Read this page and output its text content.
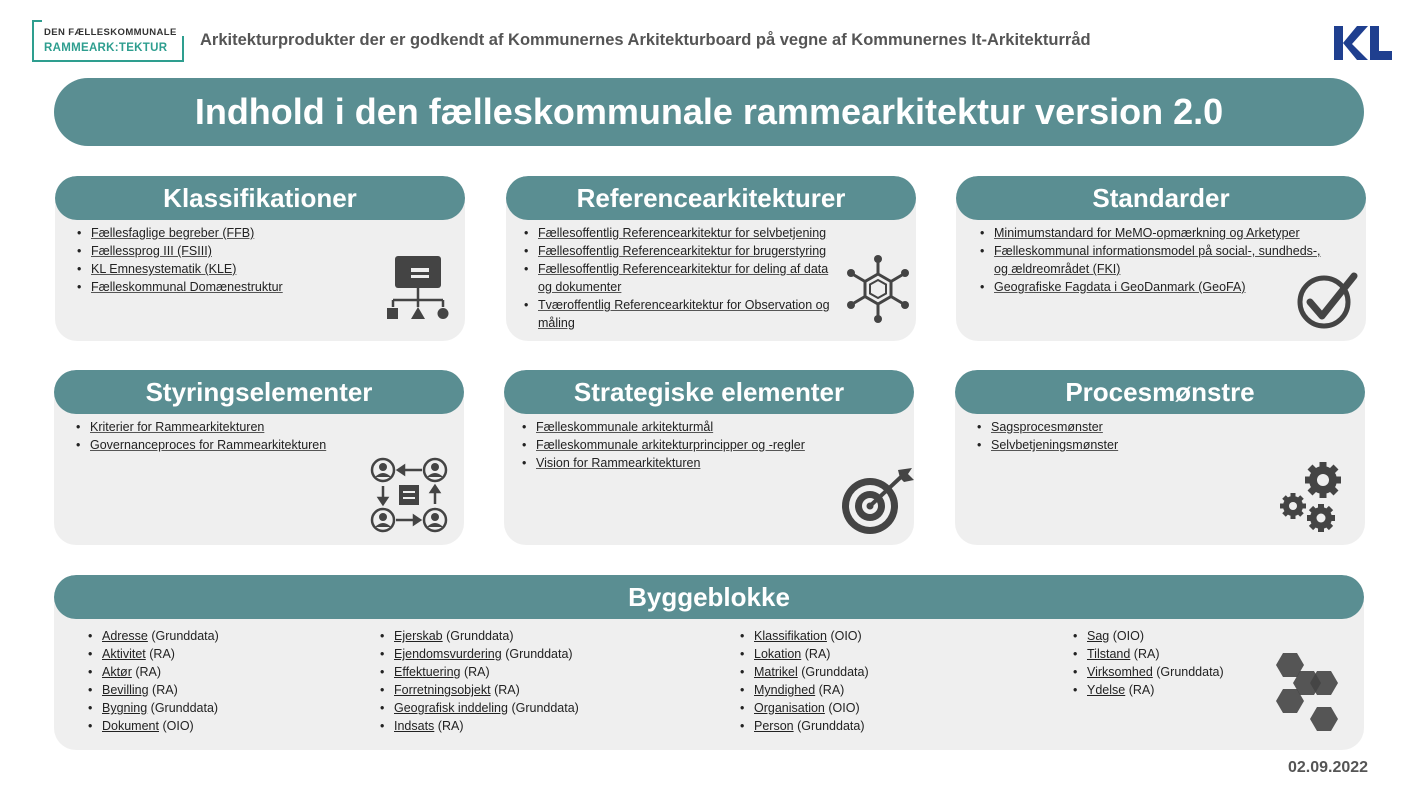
DEN FÆLLESKOMMUNALE
RAMMEARK:TEKTUR Arkitekturprodukter der er godkendt af Kommunernes Arkitekturboard på vegne af Kommunernes It-Arkitekturråd
Indhold i den fælleskommunale rammearkitektur version 2.0
Klassifikationer
• Fællesfaglige begreber (FFB)
• Fællessprog III (FSIII)
• KL Emnesystematik (KLE)
• Fælleskommunal Domænestruktur
Referencearkitekturer
• Fællesoffentlig Referencearkitektur for selvbetjening
• Fællesoffentlig Referencearkitektur for brugerstyring
• Fællesoffentlig Referencearkitektur for deling af data og dokumenter
• Tværoffentlig Referencearkitektur for Observation og måling
Standarder
• Minimumstandard for MeMO-opmærkning og Arketyper
• Fælleskommunal informationsmodel på social-, sundheds-, og ældreområdet (FKI)
• Geografiske Fagdata i GeoDanmark (GeoFA)
Styringselementer
• Kriterier for Rammearkitekturen
• Governanceproces for Rammearkitekturen
Strategiske elementer
• Fælleskommunale arkitekturmål
• Fælleskommunale arkitekturprincipper og -regler
• Vision for Rammearkitekturen
Procesmønstre
• Sagsprocesmønster
• Selvbetjeningsmønster
Byggeblokke
• Adresse (Grunddata)
• Aktivitet (RA)
• Aktør (RA)
• Bevilling (RA)
• Bygning (Grunddata)
• Dokument (OIO)
• Ejerskab (Grunddata)
• Ejendomsvurdering (Grunddata)
• Effektuering (RA)
• Forretningsobjekt (RA)
• Geografisk inddeling (Grunddata)
• Indsats (RA)
• Klassifikation (OIO)
• Lokation (RA)
• Matrikel (Grunddata)
• Myndighed (RA)
• Organisation (OIO)
• Person (Grunddata)
• Sag (OIO)
• Tilstand (RA)
• Virksomhed (Grunddata)
• Ydelse (RA)
02.09.2022
